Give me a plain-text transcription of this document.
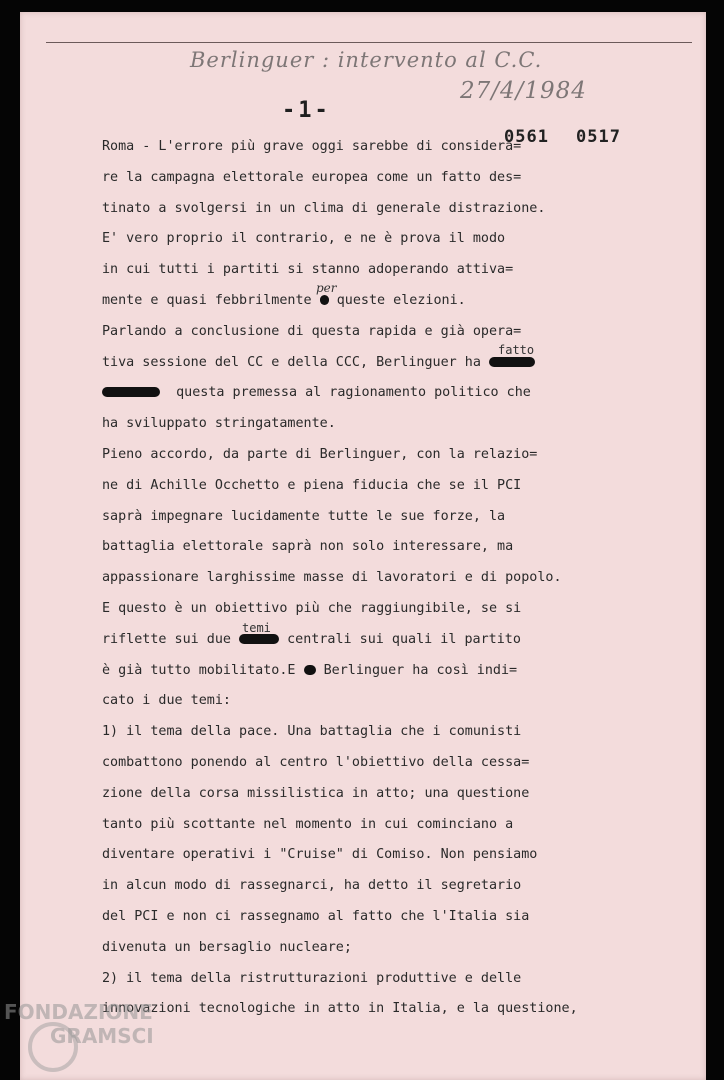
Berlinguer : intervento al C.C.
27/4/1984
-1-
0561 0517
Roma - L'errore più grave oggi sarebbe di considera=
re la campagna elettorale europea come un fatto des=
tinato a svolgersi in un clima di generale distrazione.
E' vero proprio il contrario, e ne è prova il modo
in cui tutti i partiti si stanno adoperando attiva=
mente e quasi febbrilmente
per
queste elezioni.
Parlando a conclusione di questa rapida e già opera=
tiva sessione del CC e della CCC, Berlinguer ha
fatto
questa premessa al ragionamento politico che
ha sviluppato stringatamente.
Pieno accordo, da parte di Berlinguer, con la relazio=
ne di Achille Occhetto e piena fiducia che se il PCI
saprà impegnare lucidamente tutte le sue forze, la
battaglia elettorale saprà non solo interessare, ma
appassionare larghissime masse di lavoratori e di popolo.
E questo è un obiettivo più che raggiungibile, se si
riflette sui due
temi
centrali sui quali il partito
è già tutto mobilitato.E Berlinguer ha così indi=
cato i due temi:
1) il tema della pace. Una battaglia che i comunisti
combattono ponendo al centro l'obiettivo della cessa=
zione della corsa missilistica in atto; una questione
tanto più scottante nel momento in cui cominciano a
diventare operativi i "Cruise" di Comiso. Non pensiamo
in alcun modo di rassegnarci, ha detto il segretario
del PCI e non ci rassegnamo al fatto che l'Italia sia
divenuta un bersaglio nucleare;
2) il tema della ristrutturazioni produttive e delle
innovazioni tecnologiche in atto in Italia, e la questione,
FONDAZIONE
GRAMSCI
